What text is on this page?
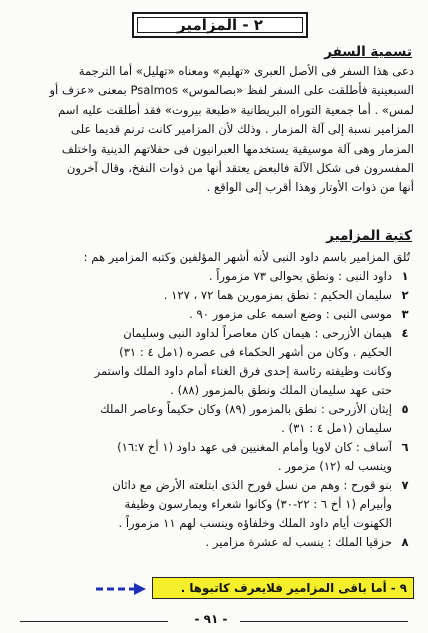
٢ - المزامير
تسمية السفر
دعى هذا السفر فى الأصل العبرى «تهليم» ومعناه «تهليل» أما الترجمة
السبعينية فأطلقت على السفر لفظ «بصالموس» Psalmos بمعنى «عزف أو
لمس» . أما جمعية التوراه البريطانية «طبعة بيروت» فقد أطلقت عليه اسم
المزامير نسبة إلى آلة المزمار . وذلك لأن المزامير كانت ترنم قديما على
المزمار وهى آلة موسيقية يستخدمها العبرانيون فى حفلاتهم الدينية واختلف
المفسرون فى شكل الآلة فالبعض يعتقد أنها من ذوات النفخ، وقال آخرون
أنها من ذوات الأوتار وهذا أقرب إلى الواقع .
كتبة المزامير
تُلق المزامير باسم داود النبى لأنه أشهر المؤلفين وكتبه المزامير هم :
١
داود النبى : ونطق بحوالى ٧٣ مزموراً .
٢
سليمان الحكيم : نطق بمزمورين هما ٧٢ ، ١٢٧ .
٣
موسى النبى : وضع اسمه على مزمور ٩٠ .
٤
هيمان الأزرحى : هيمان كان معاصراً لداود النبى وسليمان
الحكيم . وكان من أشهر الحكماء فى عصره (١مل ٤ : ٣١)
وكانت وظيفته رئاسة إحدى فرق الغناء أمام داود الملك واستمر
حتى عهد سليمان الملك ونطق بالمزمور (٨٨) .
٥
إيثان الأزرحى : نطق بالمزمور (٨٩) وكان حكيماً وعاصر الملك
سليمان (١مل ٤ : ٣١) .
٦
آساف : كان لاويا وأمام المغنيين فى عهد داود (١ أخ ١٦:٧)
وينسب له (١٢) مزمور .
٧
بنو قورح : وهم من نسل قورح الذى ابتلعته الأرض مع داثان
وأبيرام (١ أخ ٦ : ٢٢-٣٠) وكانوا شعراء ويمارسون وظيفة
الكهنوت أيام داود الملك وخلفاؤه وينسب لهم ١١ مزموراً .
٨
حزقيا الملك : ينسب له عشرة مزامير .
٩ - أما باقى المزامير فلايعرف كاتبوها .
- ٩١ -
